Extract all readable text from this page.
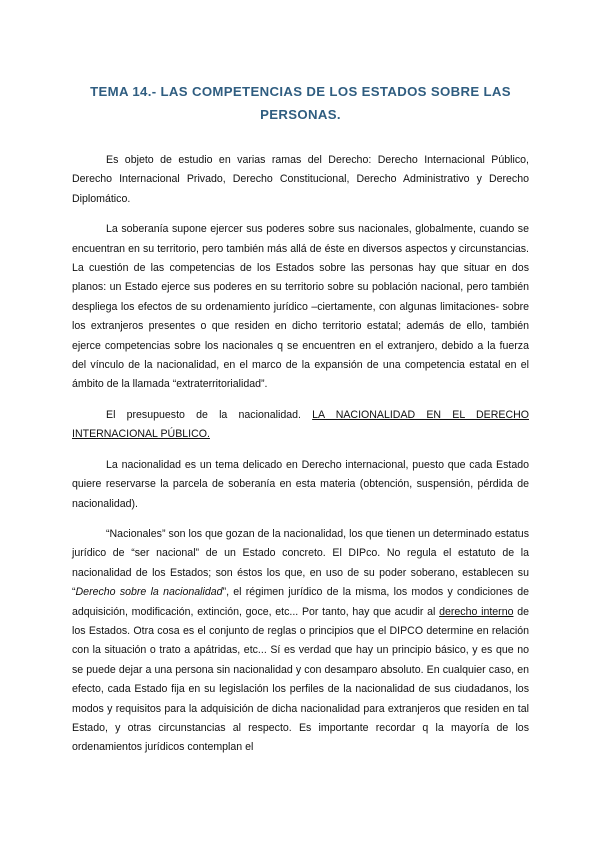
TEMA 14.- LAS COMPETENCIAS DE LOS ESTADOS SOBRE LAS
PERSONAS.

Es objeto de estudio en varias ramas del Derecho: Derecho Internacional Público, Derecho Internacional Privado, Derecho Constitucional, Derecho Administrativo y Derecho Diplomático.

La soberanía supone ejercer sus poderes sobre sus nacionales, globalmente, cuando se encuentran en su territorio, pero también más allá de éste en diversos aspectos y circunstancias. La cuestión de las competencias de los Estados sobre las personas hay que situar en dos planos: un Estado ejerce sus poderes en su territorio sobre su población nacional, pero también despliega los efectos de su ordenamiento jurídico –ciertamente, con algunas limitaciones- sobre los extranjeros presentes o que residen en dicho territorio estatal; además de ello, también ejerce competencias sobre los nacionales q se encuentren en el extranjero, debido a la fuerza del vínculo de la nacionalidad, en el marco de la expansión de una competencia estatal en el ámbito de la llamada “extraterritorialidad”.

El presupuesto de la nacionalidad. LA NACIONALIDAD EN EL DERECHO INTERNACIONAL PÚBLICO.

La nacionalidad es un tema delicado en Derecho internacional, puesto que cada Estado quiere reservarse la parcela de soberanía en esta materia (obtención, suspensión, pérdida de nacionalidad).

“Nacionales” son los que gozan de la nacionalidad, los que tienen un determinado estatus jurídico de “ser nacional” de un Estado concreto. El DIPco. No regula el estatuto de la nacionalidad de los Estados; son éstos los que, en uso de su poder soberano, establecen su “Derecho sobre la nacionalidad”, el régimen jurídico de la misma, los modos y condiciones de adquisición, modificación, extinción, goce, etc... Por tanto, hay que acudir al derecho interno de los Estados. Otra cosa es el conjunto de reglas o principios que el DIPCO determine en relación con la situación o trato a apátridas, etc... Sí es verdad que hay un principio básico, y es que no se puede dejar a una persona sin nacionalidad y con desamparo absoluto. En cualquier caso, en efecto, cada Estado fija en su legislación los perfiles de la nacionalidad de sus ciudadanos, los modos y requisitos para la adquisición de dicha nacionalidad para extranjeros que residen en tal Estado, y otras circunstancias al respecto. Es importante recordar q la mayoría de los ordenamientos jurídicos contemplan el
